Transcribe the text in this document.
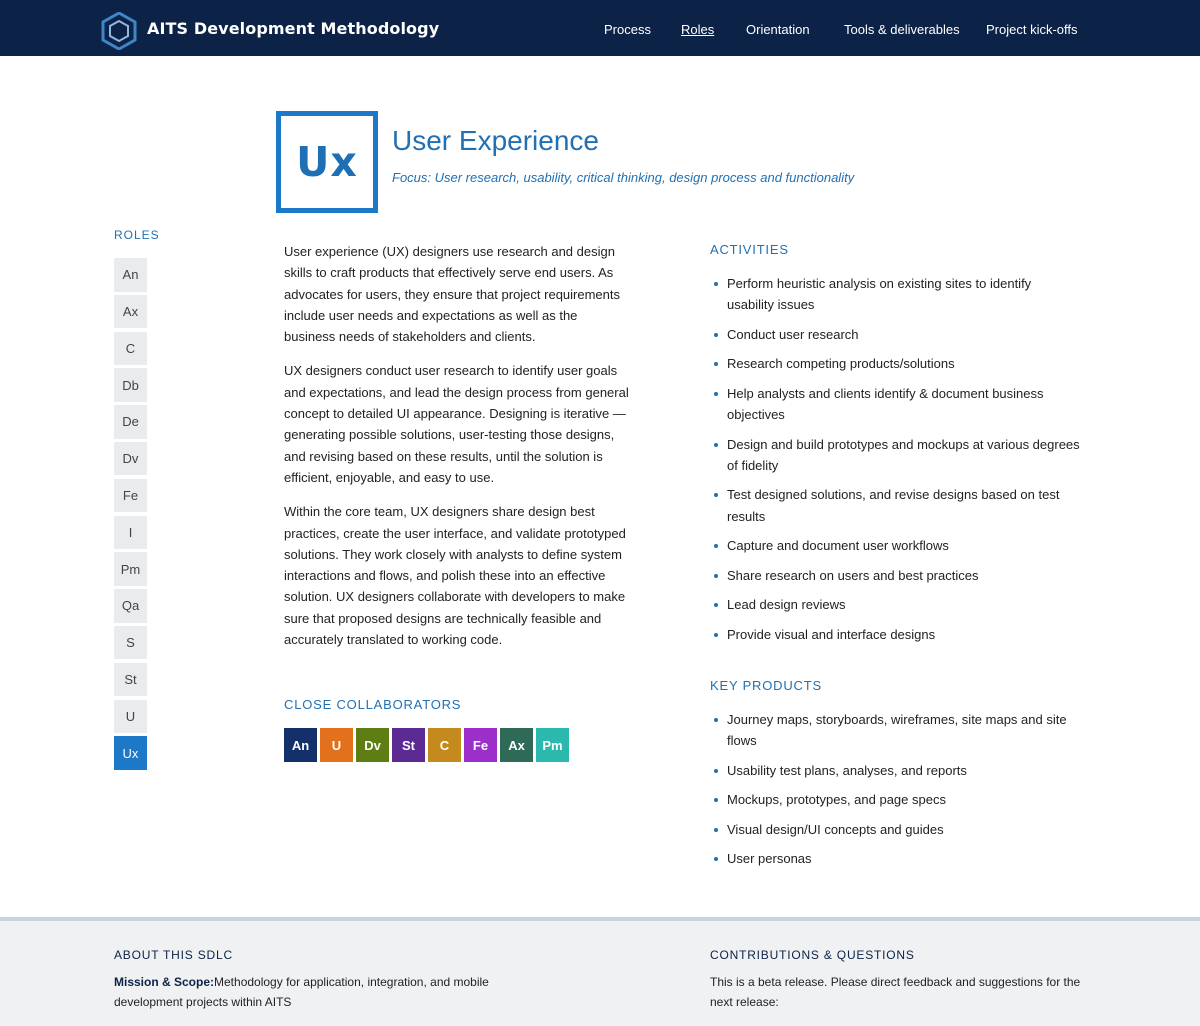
AITS Development Methodology	Process Roles Orientation	Tools & deliverables Project kick-offs
Ux User Experience
Focus: User research, usability, critical thinking, design process and functionality
ROLES
An
Ax
C
Db
De
Dv
Fe
I
Pm
Qa
S
St
U
Ux

User experience (UX) designers use research and design skills to craft products that effectively serve end users. As advocates for users, they ensure that project requirements include user needs and expectations as well as the business needs of stakeholders and clients.

UX designers conduct user research to identify user goals and expectations, and lead the design process from general concept to detailed UI appearance. Designing is iterative — generating possible solutions, user-testing those designs, and revising based on these results, until the solution is efficient, enjoyable, and easy to use.

Within the core team, UX designers share design best practices, create the user interface, and validate prototyped solutions. They work closely with analysts to define system interactions and flows, and polish these into an effective solution. UX designers collaborate with developers to make sure that proposed designs are technically feasible and accurately translated to working code.

CLOSE COLLABORATORS
An	U	Dv	St	C	Fe	Ax	Pm
ACTIVITIES
Perform heuristic analysis on existing sites to identify usability issues
Conduct user research
Research competing products/solutions
Help analysts and clients identify & document business objectives
Design and build prototypes and mockups at various degrees of fidelity
Test designed solutions, and revise designs based on test results
Capture and document user workflows
Share research on users and best practices
Lead design reviews
Provide visual and interface designs
KEY PRODUCTS
Journey maps, storyboards, wireframes, site maps and site flows
Usability test plans, analyses, and reports
Mockups, prototypes, and page specs
Visual design/UI concepts and guides
User personas
ABOUT THIS SDLC
Mission & Scope:Methodology for application, integration, and mobile development projects within AITS
CONTRIBUTIONS & QUESTIONS
This is a beta release. Please direct feedback and suggestions for the next release:
